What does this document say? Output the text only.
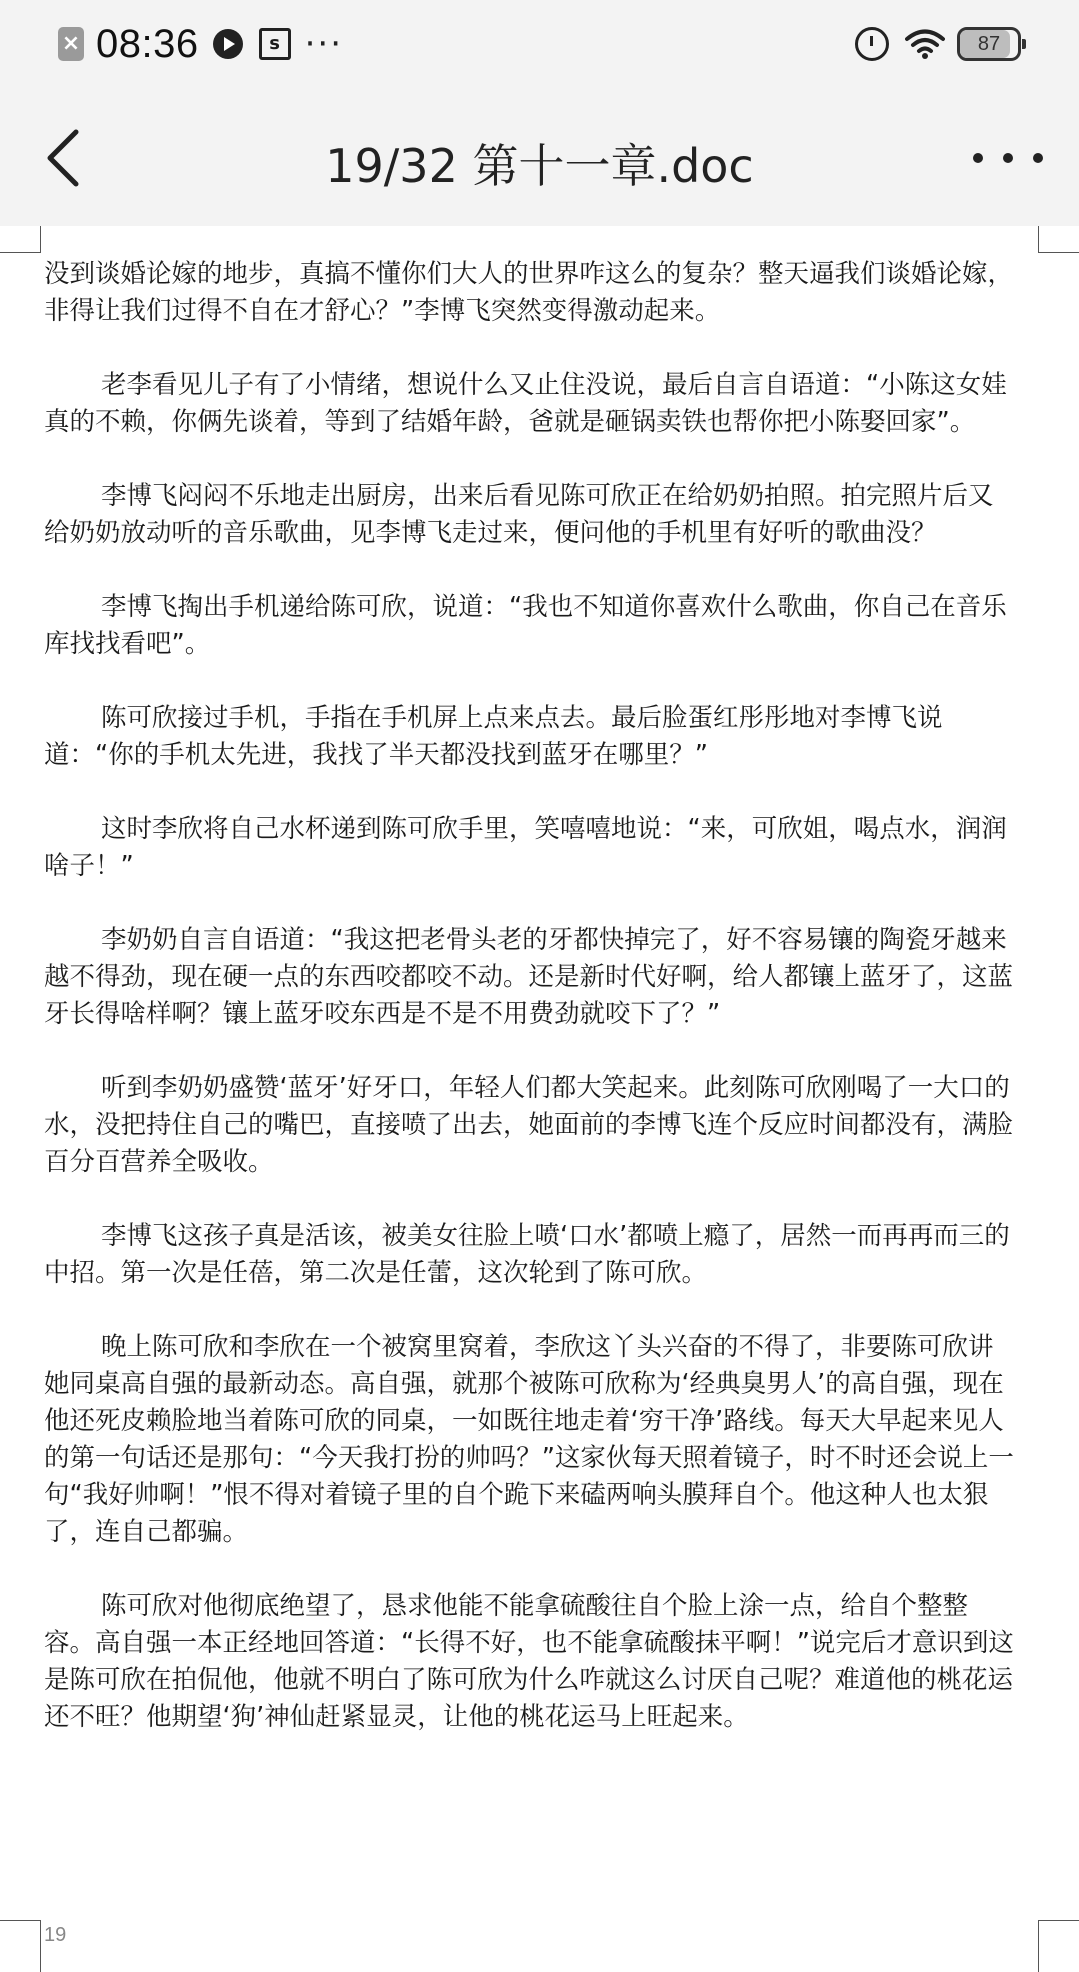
× 08:36	s ···	87
19/32 第十一章.doc

没到谈婚论嫁的地步，真搞不懂你们大人的世界咋这么的复杂？整天逼我们谈婚论嫁，非得让我们过得不自在才舒心？”李博飞突然变得激动起来。

老李看见儿子有了小情绪，想说什么又止住没说，最后自言自语道：“小陈这女娃真的不赖，你俩先谈着，等到了结婚年龄，爸就是砸锅卖铁也帮你把小陈娶回家”。

李博飞闷闷不乐地走出厨房，出来后看见陈可欣正在给奶奶拍照。拍完照片后又给奶奶放动听的音乐歌曲，见李博飞走过来，便问他的手机里有好听的歌曲没？

李博飞掏出手机递给陈可欣，说道：“我也不知道你喜欢什么歌曲，你自己在音乐库找找看吧”。

陈可欣接过手机，手指在手机屏上点来点去。最后脸蛋红彤彤地对李博飞说道：“你的手机太先进，我找了半天都没找到蓝牙在哪里？”

这时李欣将自己水杯递到陈可欣手里，笑嘻嘻地说：“来，可欣姐，喝点水，润润啥子！”

李奶奶自言自语道：“我这把老骨头老的牙都快掉完了，好不容易镶的陶瓷牙越来越不得劲，现在硬一点的东西咬都咬不动。还是新时代好啊，给人都镶上蓝牙了，这蓝牙长得啥样啊？镶上蓝牙咬东西是不是不用费劲就咬下了？”

听到李奶奶盛赞‘蓝牙’好牙口，年轻人们都大笑起来。此刻陈可欣刚喝了一大口的水，没把持住自己的嘴巴，直接喷了出去，她面前的李博飞连个反应时间都没有，满脸百分百营养全吸收。

李博飞这孩子真是活该，被美女往脸上喷‘口水’都喷上瘾了，居然一而再再而三的中招。第一次是任蓓，第二次是任蕾，这次轮到了陈可欣。

晚上陈可欣和李欣在一个被窝里窝着，李欣这丫头兴奋的不得了，非要陈可欣讲她同桌高自强的最新动态。高自强，就那个被陈可欣称为‘经典臭男人’的高自强，现在他还死皮赖脸地当着陈可欣的同桌，一如既往地走着‘穷干净’路线。每天大早起来见人的第一句话还是那句：“今天我打扮的帅吗？”这家伙每天照着镜子，时不时还会说上一句“我好帅啊！”恨不得对着镜子里的自个跪下来磕两响头膜拜自个。他这种人也太狠了，连自己都骗。

陈可欣对他彻底绝望了，恳求他能不能拿硫酸往自个脸上涂一点，给自个整整容。高自强一本正经地回答道：“长得不好，也不能拿硫酸抹平啊！”说完后才意识到这是陈可欣在拍侃他，他就不明白了陈可欣为什么咋就这么讨厌自己呢？难道他的桃花运还不旺？他期望‘狗’神仙赶紧显灵，让他的桃花运马上旺起来。

19
